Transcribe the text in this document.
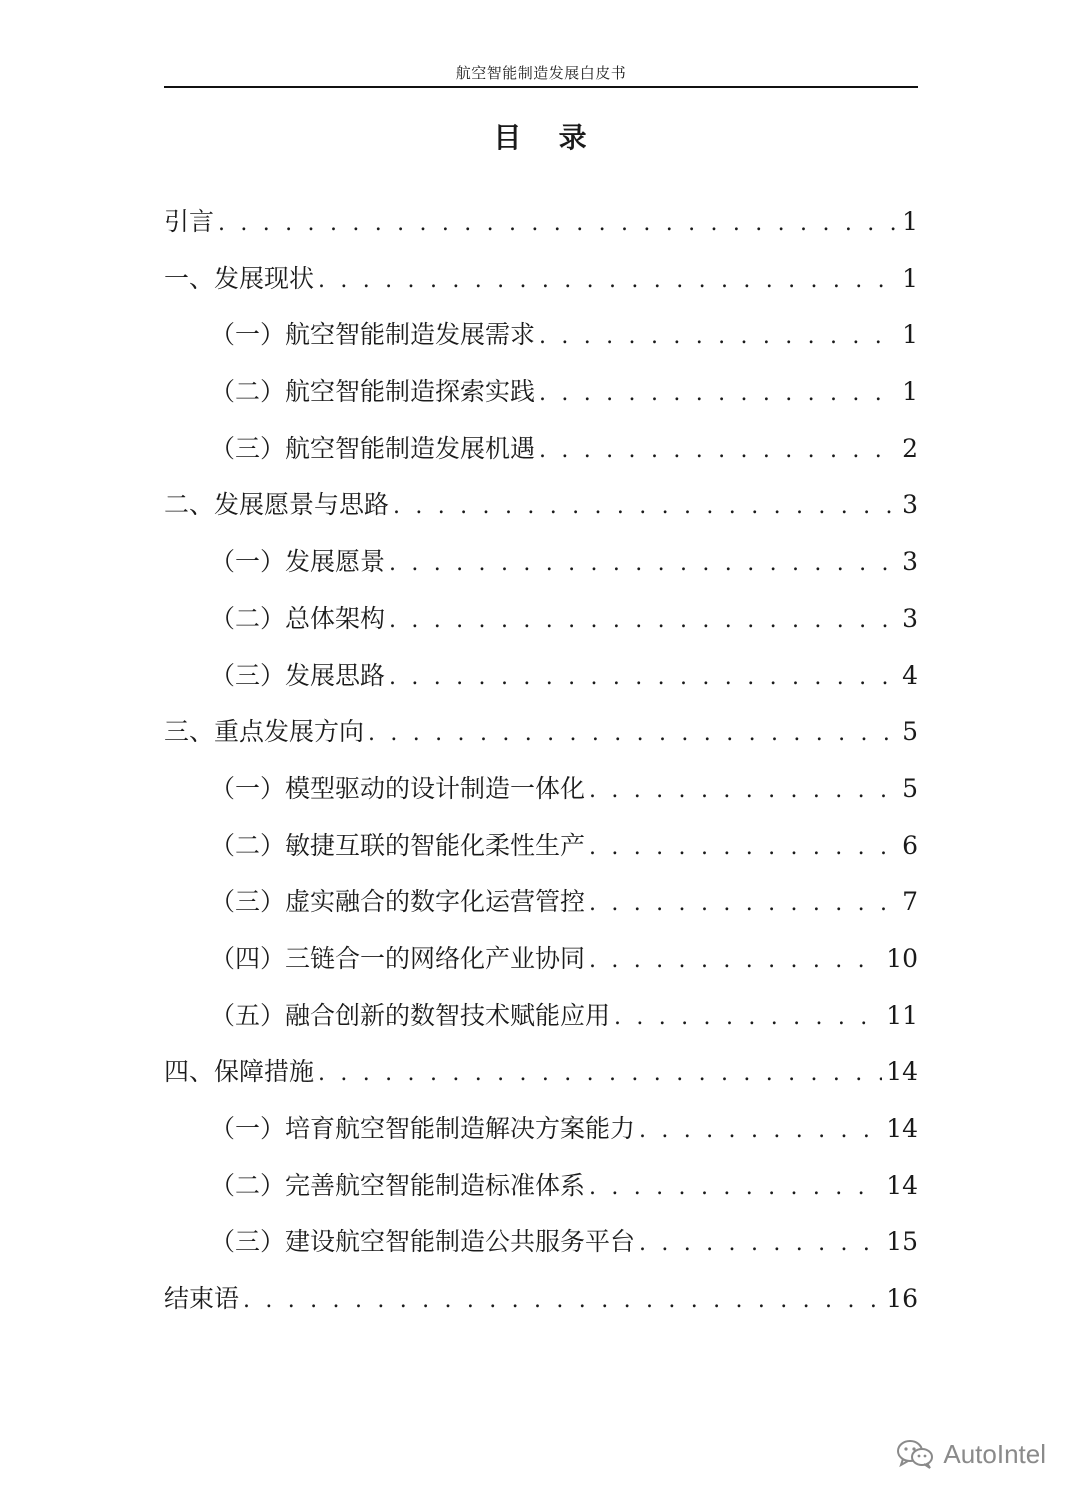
航空智能制造发展白皮书
目   录
引言 . . .	1
一、发展现状 . . .	1
（一）航空智能制造发展需求 . . .	1
（二）航空智能制造探索实践 . . .	1
（三）航空智能制造发展机遇 . . .	2
二、发展愿景与思路 . . .	3
（一）发展愿景 . . .	3
（二）总体架构 . . .	3
（三）发展思路 . . .	4
三、重点发展方向 . . .	5
（一）模型驱动的设计制造一体化 . . .	5
（二）敏捷互联的智能化柔性生产 . . .	6
（三）虚实融合的数字化运营管控 . . .	7
（四）三链合一的网络化产业协同 . . .	10
（五）融合创新的数智技术赋能应用 . . .	11
四、保障措施 . . .	14
（一）培育航空智能制造解决方案能力 . . .	14
（二）完善航空智能制造标准体系 . . .	14
（三）建设航空智能制造公共服务平台 . . .	15
结束语 . . .	16
AutoIntel
